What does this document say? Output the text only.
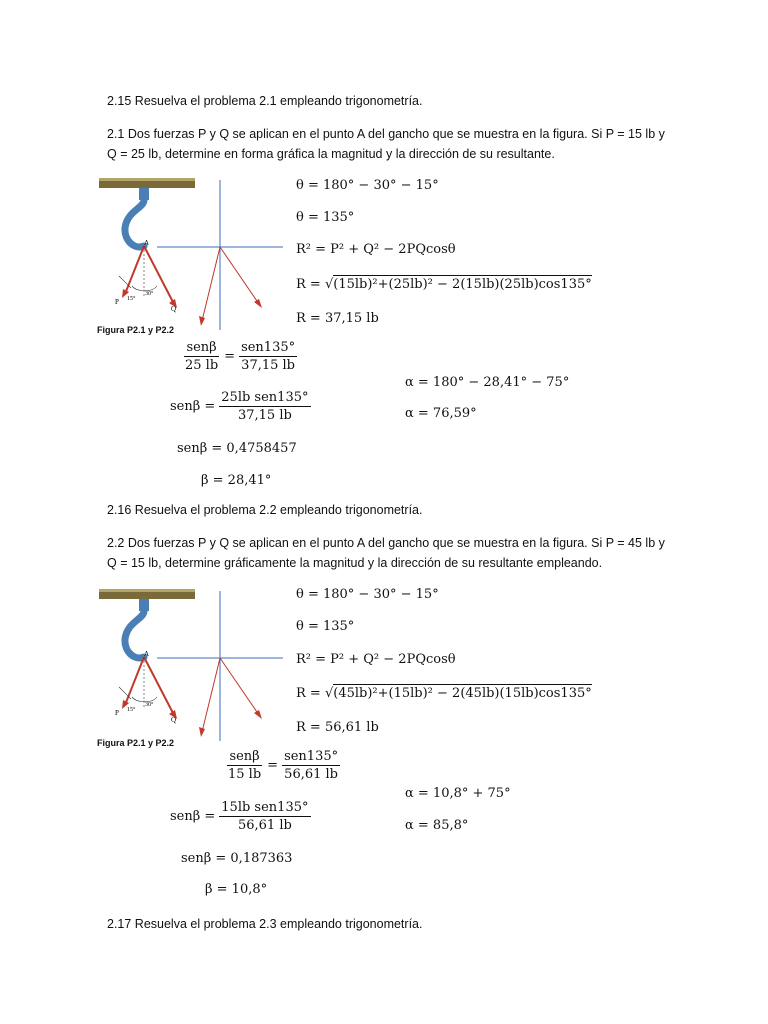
2.15 Resuelva el problema 2.1 empleando trigonometría.

2.1 Dos fuerzas P y Q se aplican en el punto A del gancho que se muestra en la figura. Si P = 15 lb y

Q = 25 lb, determine en forma gráfica la magnitud y la dirección de su resultante.

A
P
Q
15°
30°
Figura P2.1 y P2.2
θ = 180° − 30° − 15°
θ = 135°
R² = P² + Q² − 2PQcosθ
R = √(15lb)²+(25lb)² − 2(15lb)(25lb)cos135°
R = 37,15 lb
$\frac{\text{senβ}}{25 lb} = \frac{\text{sen135°}}{37,15 lb}$
$sen\beta = \frac{\text{25lb sen135°}}{37,15 lb}$
senβ = 0,4758457
β = 28,41°
α = 180° − 28,41° − 75°
α = 76,59°

2.16 Resuelva el problema 2.2 empleando trigonometría.

2.2 Dos fuerzas P y Q se aplican en el punto A del gancho que se muestra en la figura. Si P = 45 lb y

Q = 15 lb, determine gráficamente la magnitud y la dirección de su resultante empleando.

A
P
Q
15°
30°
Figura P2.1 y P2.2
θ = 180° − 30° − 15°
θ = 135°
R² = P² + Q² − 2PQcosθ
R = √(45lb)²+(15lb)² − 2(45lb)(15lb)cos135°
R = 56,61 lb
$\frac{\text{senβ}}{15 lb} = \frac{\text{sen135°}}{56,61 lb}$
$sen\beta = \frac{\text{15lb sen135°}}{56,61 lb}$
senβ = 0,187363
β = 10,8°
α = 10,8° + 75°
α = 85,8°

2.17 Resuelva el problema 2.3 empleando trigonometría.
